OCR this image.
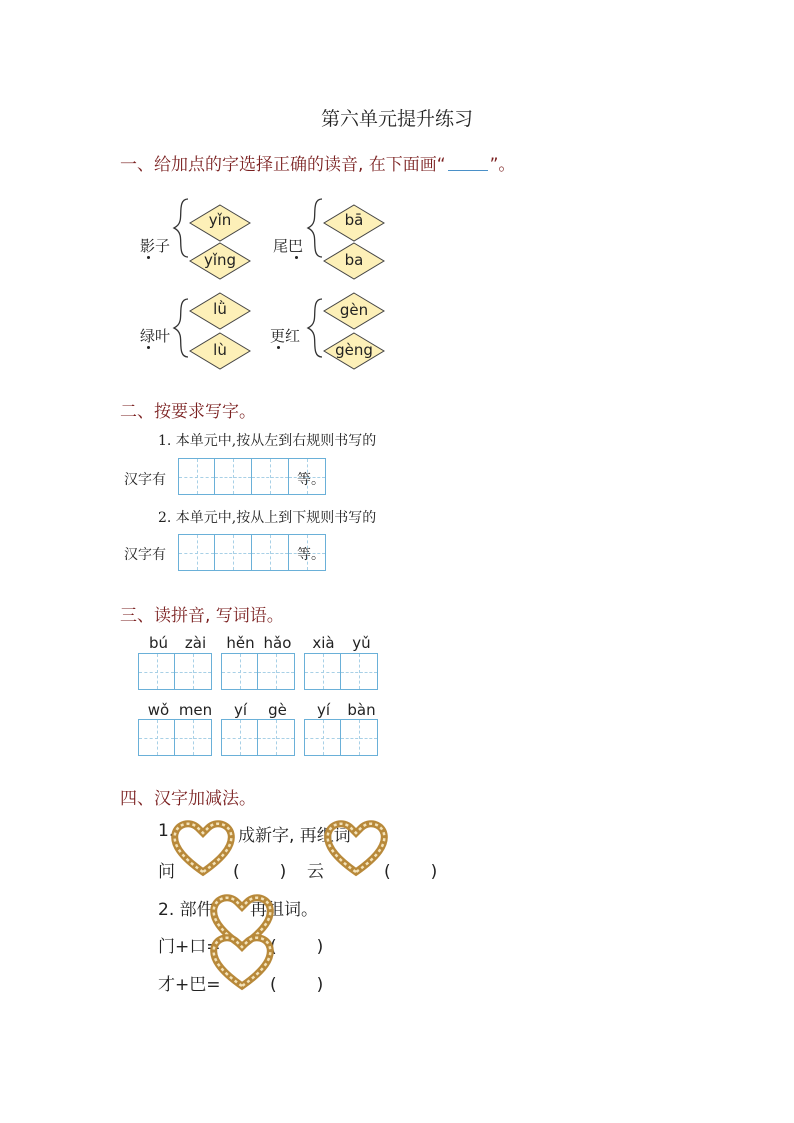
第六单元提升练习
一、给加点的字选择正确的读音, 在下面画“	”。
影子	尾巴
绿叶	更红
yǐn
yǐng
bā
ba
lǜ
lù
gèn
gèng
二、按要求写字。
1. 本单元中,按从左到右规则书写的
汉字有	等。
2. 本单元中,按从上到下规则书写的
汉字有	等。
三、读拼音, 写词语。
bú	zài	hěn hǎo	xià	yǔ
wǒ men	yí	gè	yí	bàn
四、汉字加减法。
1.	成新字, 再组词
问	(　　) 云	(　　)
2. 部件 再组词。
门+口=	(　　)
才+巴=	(　　)
